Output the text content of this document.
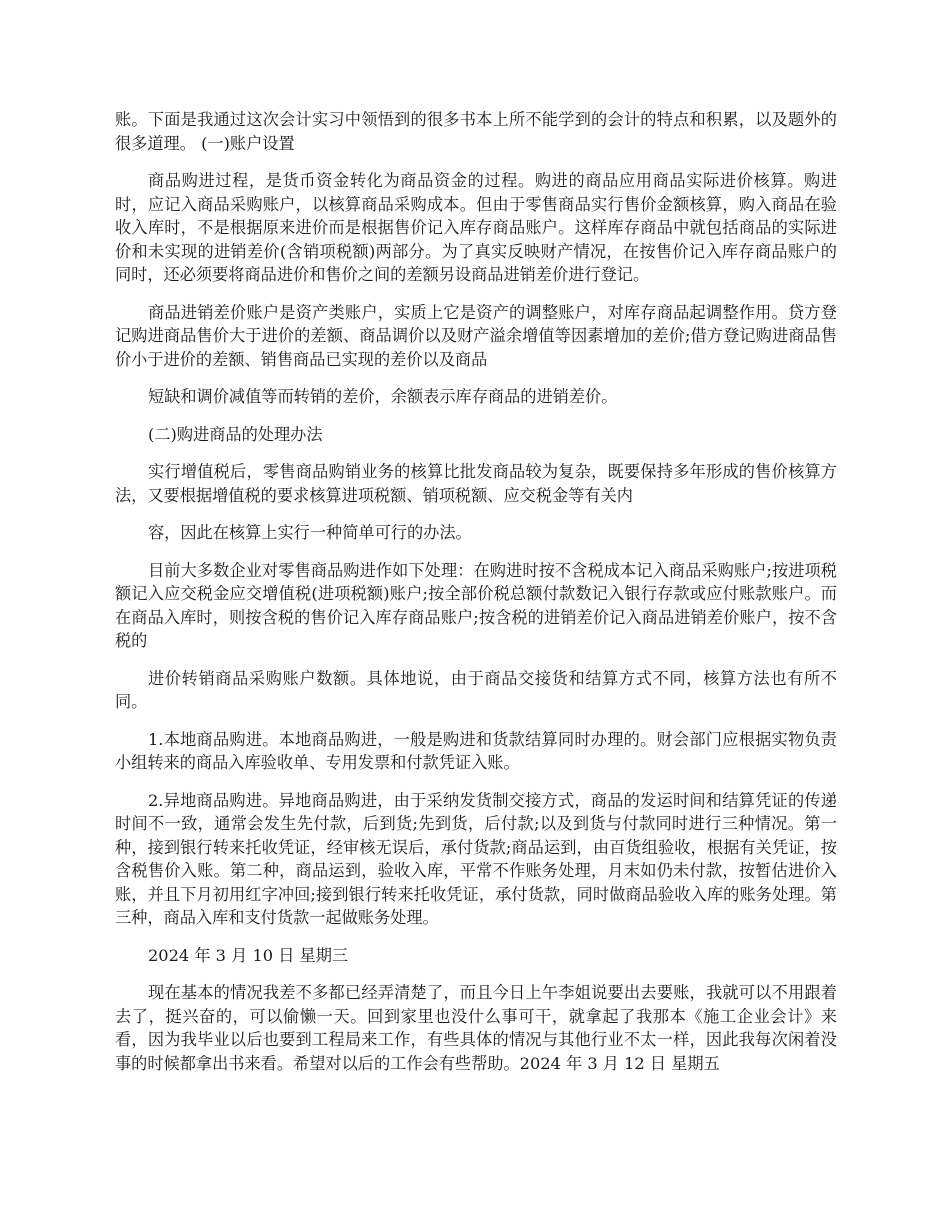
账。下面是我通过这次会计实习中领悟到的很多书本上所不能学到的会计的特点和积累，以及题外的很多道理。 (一)账户设置

商品购进过程，是货币资金转化为商品资金的过程。购进的商品应用商品实际进价核算。购进时，应记入商品采购账户，以核算商品采购成本。但由于零售商品实行售价金额核算，购入商品在验收入库时，不是根据原来进价而是根据售价记入库存商品账户。这样库存商品中就包括商品的实际进价和未实现的进销差价(含销项税额)两部分。为了真实反映财产情况，在按售价记入库存商品账户的同时，还必须要将商品进价和售价之间的差额另设商品进销差价进行登记。

商品进销差价账户是资产类账户，实质上它是资产的调整账户，对库存商品起调整作用。贷方登记购进商品售价大于进价的差额、商品调价以及财产溢余增值等因素增加的差价;借方登记购进商品售价小于进价的差额、销售商品已实现的差价以及商品

短缺和调价减值等而转销的差价，余额表示库存商品的进销差价。

(二)购进商品的处理办法

实行增值税后，零售商品购销业务的核算比批发商品较为复杂，既要保持多年形成的售价核算方法，又要根据增值税的要求核算进项税额、销项税额、应交税金等有关内

容，因此在核算上实行一种简单可行的办法。

目前大多数企业对零售商品购进作如下处理：在购进时按不含税成本记入商品采购账户;按进项税额记入应交税金应交增值税(进项税额)账户;按全部价税总额付款数记入银行存款或应付账款账户。而在商品入库时，则按含税的售价记入库存商品账户;按含税的进销差价记入商品进销差价账户，按不含税的

进价转销商品采购账户数额。具体地说，由于商品交接货和结算方式不同，核算方法也有所不同。

1.本地商品购进。本地商品购进，一般是购进和货款结算同时办理的。财会部门应根据实物负责小组转来的商品入库验收单、专用发票和付款凭证入账。

2.异地商品购进。异地商品购进，由于采纳发货制交接方式，商品的发运时间和结算凭证的传递时间不一致，通常会发生先付款，后到货;先到货，后付款;以及到货与付款同时进行三种情况。第一种，接到银行转来托收凭证，经审核无误后，承付货款;商品运到，由百货组验收，根据有关凭证，按含税售价入账。第二种，商品运到，验收入库，平常不作账务处理，月末如仍未付款，按暂估进价入账，并且下月初用红字冲回;接到银行转来托收凭证，承付货款，同时做商品验收入库的账务处理。第三种，商品入库和支付货款一起做账务处理。

2024 年 3 月 10 日 星期三

现在基本的情况我差不多都已经弄清楚了，而且今日上午李姐说要出去要账，我就可以不用跟着去了，挺兴奋的，可以偷懒一天。回到家里也没什么事可干，就拿起了我那本《施工企业会计》来看，因为我毕业以后也要到工程局来工作，有些具体的情况与其他行业不太一样，因此我每次闲着没事的时候都拿出书来看。希望对以后的工作会有些帮助。2024 年 3 月 12 日 星期五
